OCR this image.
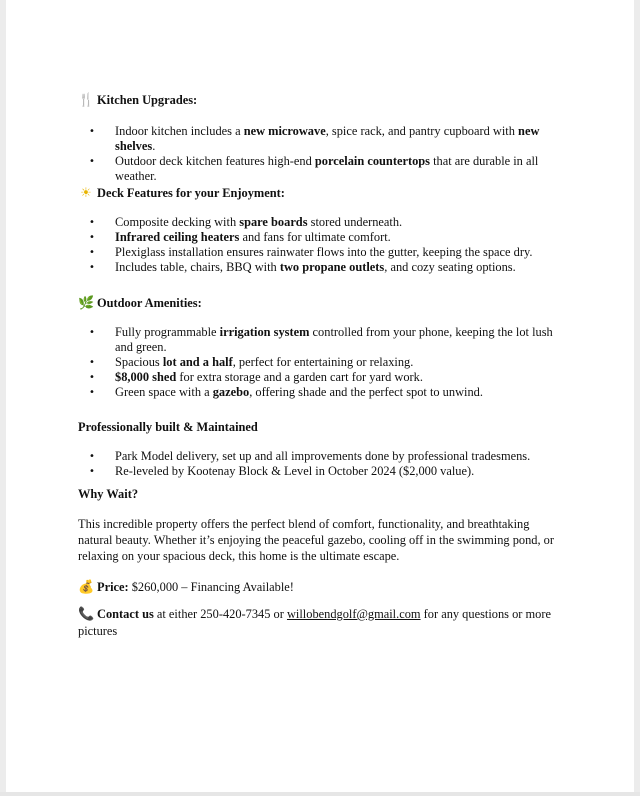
🍴 Kitchen Upgrades:
• Indoor kitchen includes a new microwave, spice rack, and pantry cupboard with new shelves.
• Outdoor deck kitchen features high-end porcelain countertops that are durable in all weather.
☀ Deck Features for your Enjoyment:
• Composite decking with spare boards stored underneath.
• Infrared ceiling heaters and fans for ultimate comfort.
• Plexiglass installation ensures rainwater flows into the gutter, keeping the space dry.
• Includes table, chairs, BBQ with two propane outlets, and cozy seating options.
🌿 Outdoor Amenities:
• Fully programmable irrigation system controlled from your phone, keeping the lot lush and green.
• Spacious lot and a half, perfect for entertaining or relaxing.
• $8,000 shed for extra storage and a garden cart for yard work.
• Green space with a gazebo, offering shade and the perfect spot to unwind.
Professionally built & Maintained
• Park Model delivery, set up and all improvements done by professional tradesmens.
• Re-leveled by Kootenay Block & Level in October 2024 ($2,000 value).
Why Wait?

This incredible property offers the perfect blend of comfort, functionality, and breathtaking natural beauty. Whether it’s enjoying the peaceful gazebo, cooling off in the swimming pond, or relaxing on your spacious deck, this home is the ultimate escape.

💰 Price: $260,000 – Financing Available!
📞 Contact us at either 250-420-7345 or willobendgolf@gmail.com for any questions or more pictures
